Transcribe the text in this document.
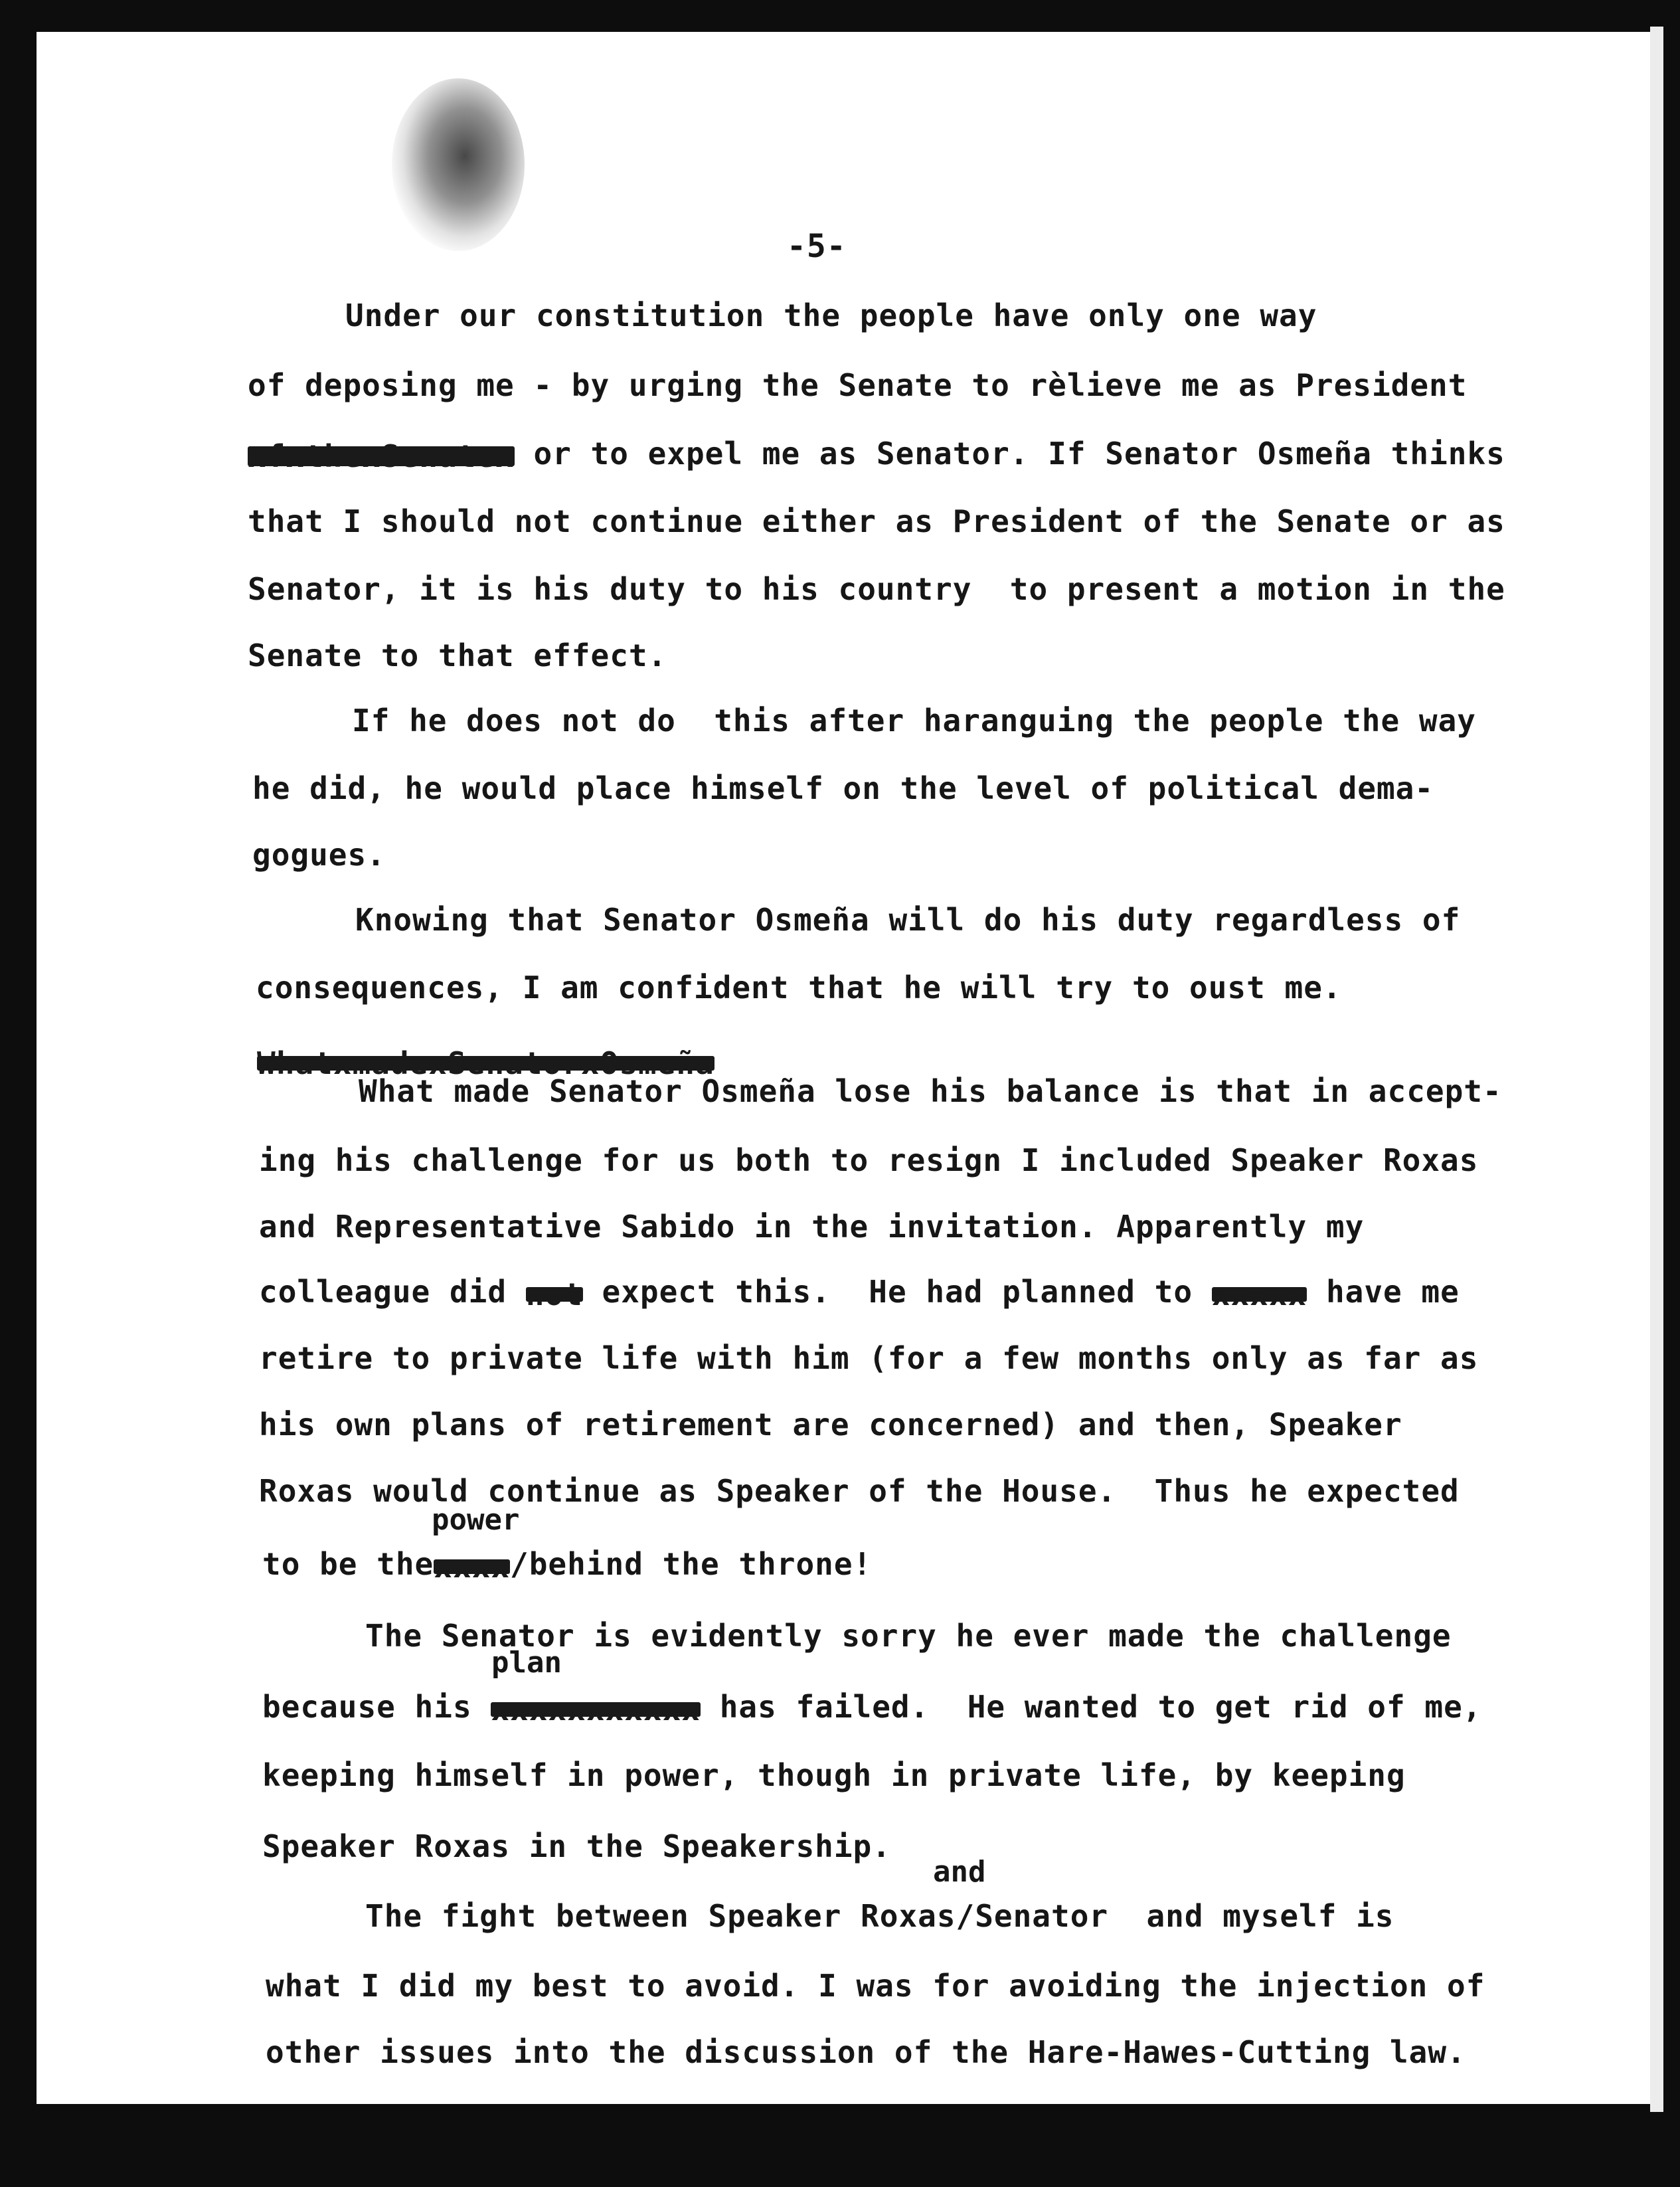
-5-
Under our constitution the people have only one way
of deposing me - by urging the Senate to rèlieve me as President
xfxthexSenatex or to expel me as Senator. If Senator Osmeña thinks
that I should not continue either as President of the Senate or as
Senator, it is his duty to his country  to present a motion in the
Senate to that effect.
If he does not do  this after haranguing the people the way
he did, he would place himself on the level of political dema-
gogues.
Knowing that Senator Osmeña will do his duty regardless of
consequences, I am confident that he will try to oust me.
WhatxmadexSenatorxOsmeña
What made Senator Osmeña lose his balance is that in accept-
ing his challenge for us both to resign I included Speaker Roxas
and Representative Sabido in the invitation. Apparently my
colleague did not expect this.  He had planned to xxxxx have me
retire to private life with him (for a few months only as far as
his own plans of retirement are concerned) and then, Speaker
Roxas would continue as Speaker of the House.  Thus he expected
power
to be thexxxx/behind the throne!
The Senator is evidently sorry he ever made the challenge
plan
because his xxxxxxxxxxx has failed.  He wanted to get rid of me,
keeping himself in power, though in private life, by keeping
Speaker Roxas in the Speakership.
and
The fight between Speaker Roxas/Senator  and myself is
what I did my best to avoid. I was for avoiding the injection of
other issues into the discussion of the Hare-Hawes-Cutting law.
